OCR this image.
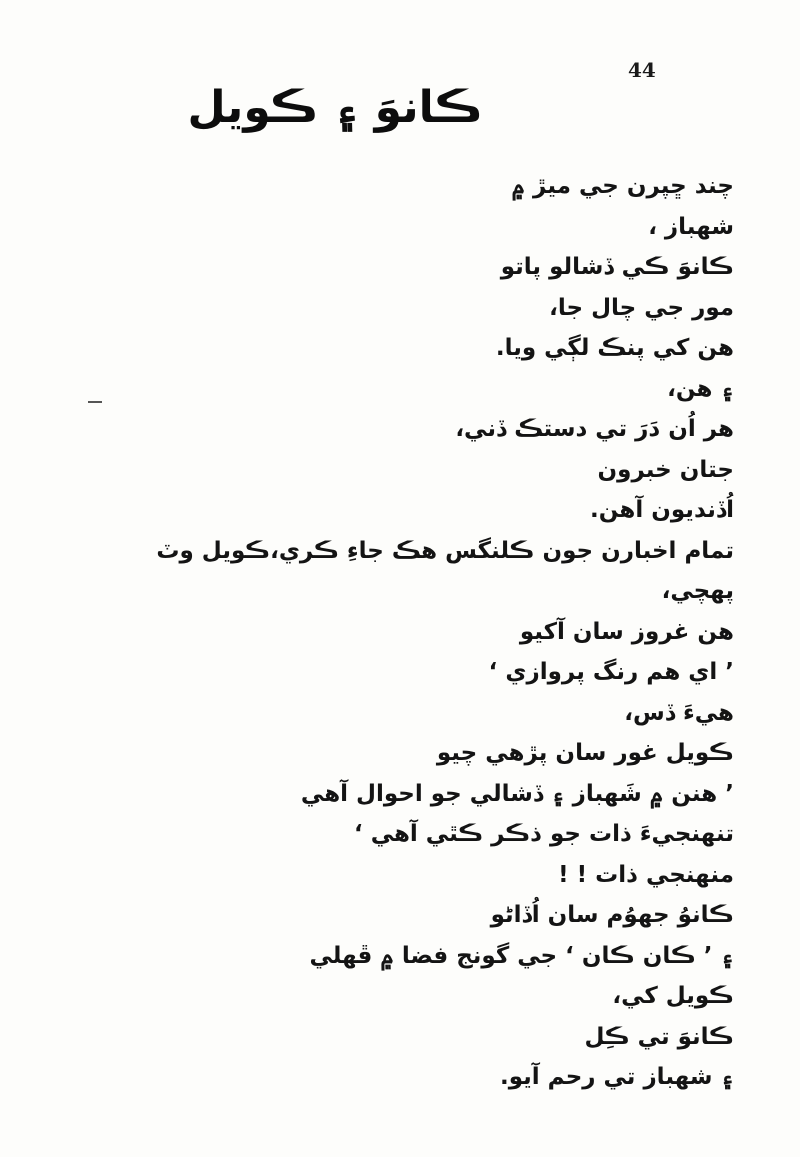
44
ڪانوَ ۽ ڪويل
چند ڇپرن جي ميڙ ۾
شهباز ،
ڪانوَ ڪي ڏشالو پاتو
مور جي چال جا،
هن کي پنڪ لڳي ويا.
۽ هن،
هر اُن دَرَ تي دستڪ ڏني،
جتان خبرون
اُڏنديون آهن.
تمام اخبارن جون ڪلنگس هڪ جاءِ ڪري،ڪويل وٽ
پهچي،
هن غروز سان آکيو
’ اي هم رنگ پروازي ‘
هيءَ ڏس،
ڪويل غور سان پڙهي چيو
’ هنن ۾ شَهباز ۽ ڏشالي جو احوال آهي
تنهنجيءَ ذات جو ذڪر ڪٿي آهي ‘
منهنجي ذات ! !
ڪانوُ جهوُم سان اُڏاڻو
۽ ’ ڪان ڪان ‘ جي گونج فضا ۾ ڦهلي
ڪويل کي،
ڪانوَ تي ڪِل
۽ شهباز تي رحم آيو.
